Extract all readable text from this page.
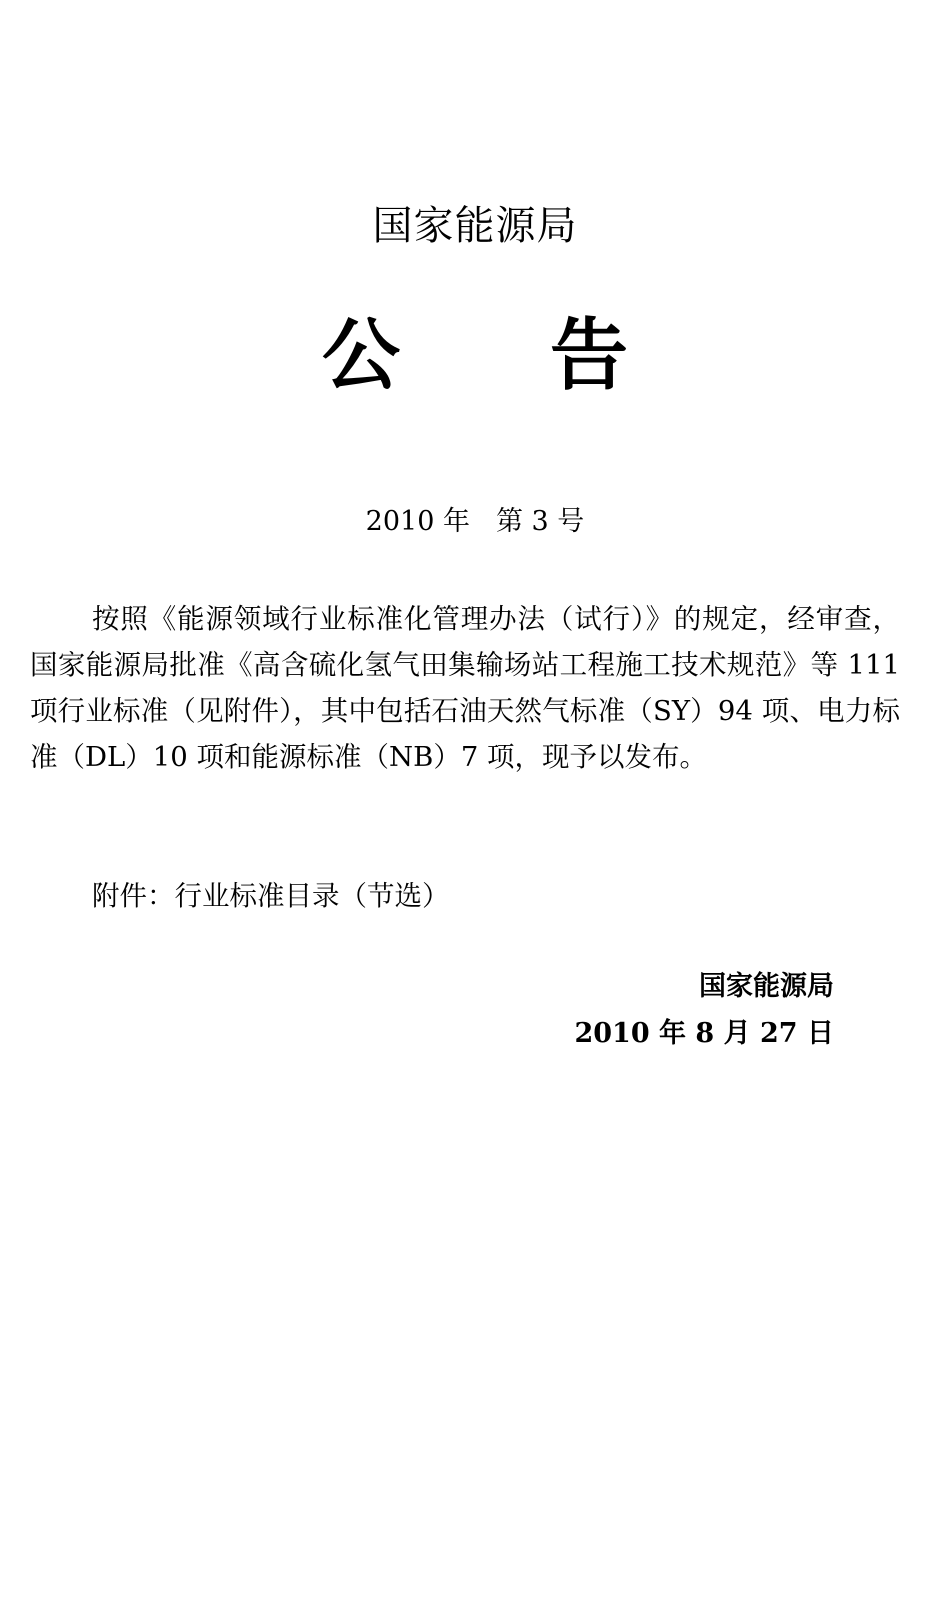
国家能源局
公 告
2010 年 第 3 号

按照《能源领域行业标准化管理办法（试行）》的规定，经审查，国家能源局批准《高含硫化氢气田集输场站工程施工技术规范》等 111 项行业标准（见附件），其中包括石油天然气标准（SY）94 项、电力标准（DL）10 项和能源标准（NB）7 项，现予以发布。

附件：行业标准目录（节选）

国家能源局
2010 年 8 月 27 日
